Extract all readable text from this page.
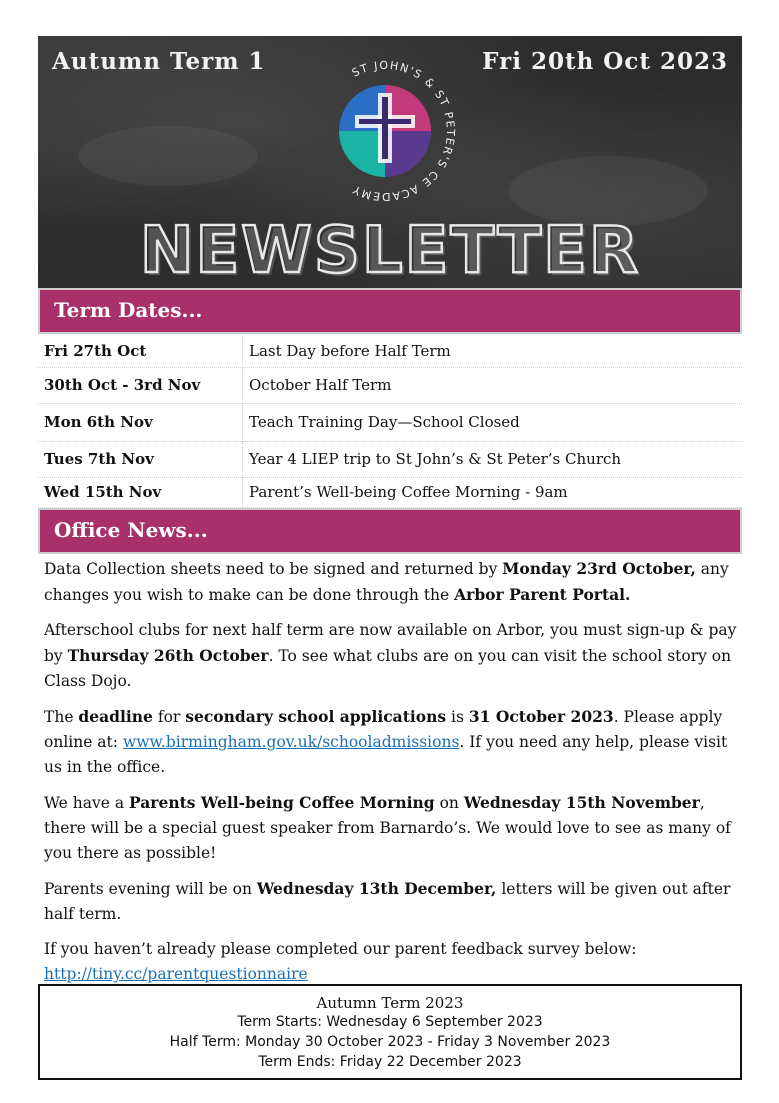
Autumn Term 1	Fri 20th Oct 2023
ST JOHN'S & ST PETER'S CE ACADEMY
NEWSLETTER
Term Dates...
Fri 27th Oct	Last Day before Half Term
30th Oct - 3rd Nov	October Half Term
Mon 6th Nov	Teach Training Day—School Closed
Tues 7th Nov	Year 4 LIEP trip to St John’s & St Peter’s Church
Wed 15th Nov	Parent’s Well-being Coffee Morning - 9am
Office News...

Data Collection sheets need to be signed and returned by Monday 23rd October, any changes you wish to make can be done through the Arbor Parent Portal.

Afterschool clubs for next half term are now available on Arbor, you must sign-up & pay by Thursday 26th October. To see what clubs are on you can visit the school story on Class Dojo.

The deadline for secondary school applications is 31 October 2023. Please apply online at: www.birmingham.gov.uk/schooladmissions. If you need any help, please visit us in the office.

We have a Parents Well-being Coffee Morning on Wednesday 15th November, there will be a special guest speaker from Barnardo’s. We would love to see as many of you there as possible!

Parents evening will be on Wednesday 13th December, letters will be given out after half term.

If you haven’t already please completed our parent feedback survey below:
http://tiny.cc/parentquestionnaire

Autumn Term 2023
Term Starts: Wednesday 6 September 2023
Half Term: Monday 30 October 2023 - Friday 3 November 2023
Term Ends: Friday 22 December 2023
